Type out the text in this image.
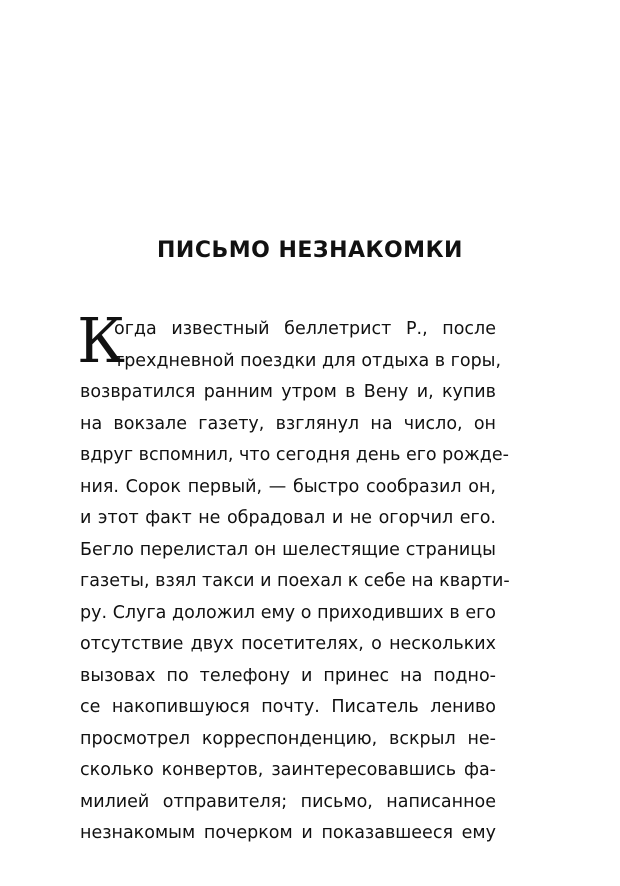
ПИСЬМО НЕЗНАКОМКИ
К
огда известный беллетрист Р., после
трехдневной поездки для отдыха в горы,
возвратился ранним утром в Вену и, купив
на вокзале газету, взглянул на число, он
вдруг вспомнил, что сегодня день его рожде-
ния. Сорок первый, — быстро сообразил он,
и этот факт не обрадовал и не огорчил его.
Бегло перелистал он шелестящие страницы
газеты, взял такси и поехал к себе на кварти-
ру. Слуга доложил ему о приходивших в его
отсутствие двух посетителях, о нескольких
вызовах по телефону и принес на подно-
се накопившуюся почту. Писатель лениво
просмотрел корреспонденцию, вскрыл не-
сколько конвертов, заинтересовавшись фа-
милией отправителя; письмо, написанное
незнакомым почерком и показавшееся ему
